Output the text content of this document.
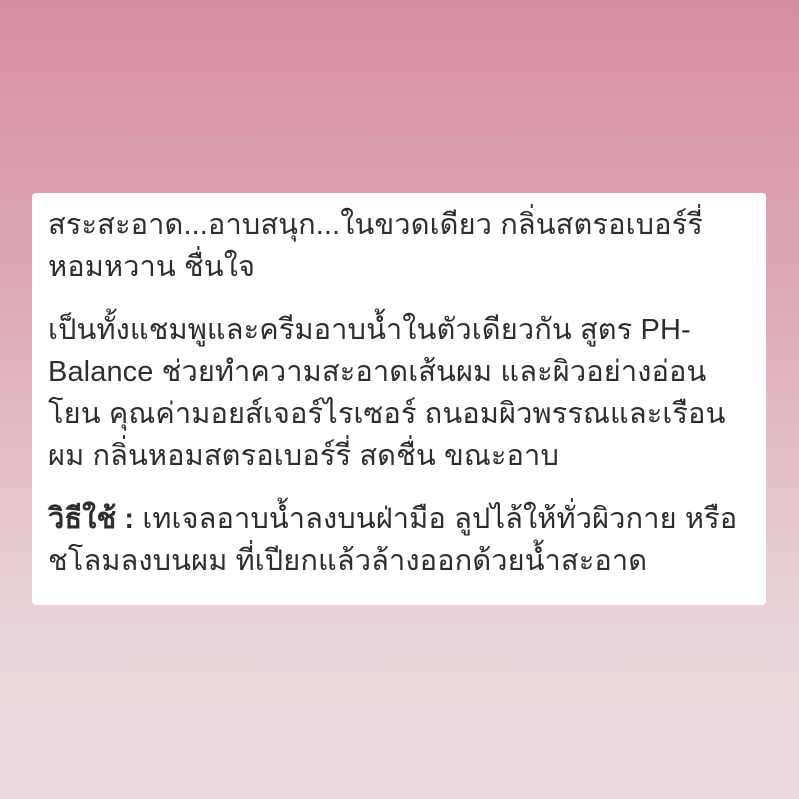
สระสะอาด...อาบสนุก...ในขวดเดียว กลิ่นสตรอเบอร์รี่ หอมหวาน ชื่นใจ

เป็นทั้งแชมพูและครีมอาบน้ำในตัวเดียวกัน สูตร PH-Balance ช่วยทำความสะอาดเส้นผม และผิวอย่างอ่อนโยน คุณค่ามอยส์เจอร์ไรเซอร์ ถนอมผิวพรรณและเรือนผม กลิ่นหอมสตรอเบอร์รี่ สดชื่น ขณะอาบ

วิธีใช้ : เทเจลอาบน้ำลงบนฝ่ามือ ลูปไล้ให้ทั่วผิวกาย หรือชโลมลงบนผม ที่เปียกแล้วล้างออกด้วยน้ำสะอาด
